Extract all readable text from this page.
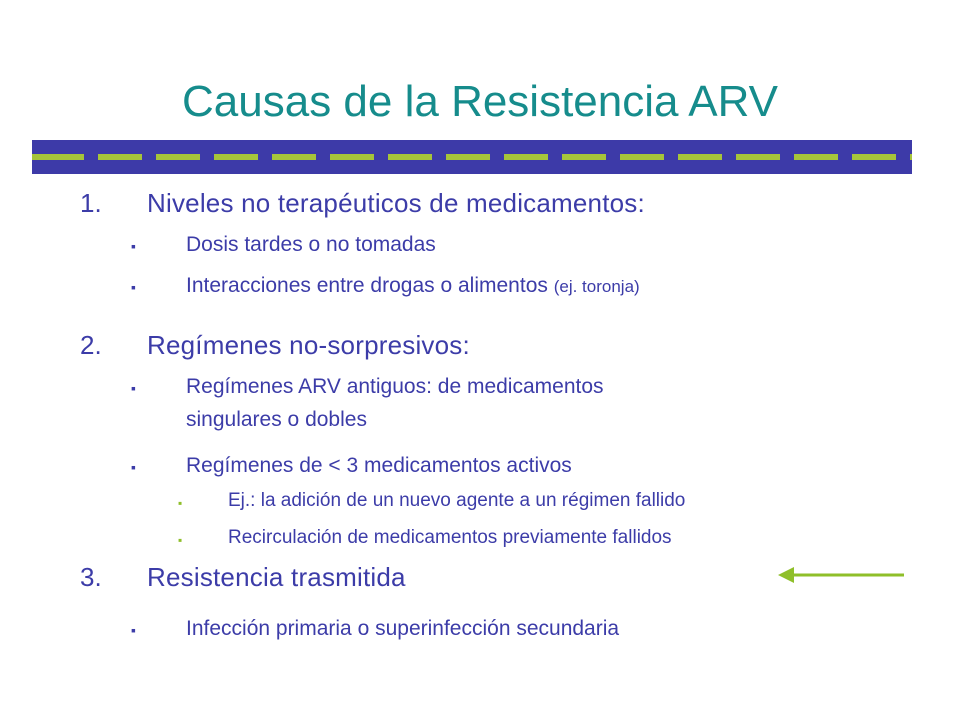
Causas de la Resistencia ARV
1. Niveles no terapéuticos de medicamentos:
▪ Dosis tardes o no tomadas
▪ Interacciones entre drogas o alimentos (ej. toronja)
2. Regímenes no-sorpresivos:
▪ Regímenes ARV antiguos: de medicamentos
singulares o dobles
▪ Regímenes de < 3 medicamentos activos
▪ Ej.: la adición de un nuevo agente a un régimen fallido
▪ Recirculación de medicamentos previamente fallidos
3. Resistencia trasmitida
▪ Infección primaria o superinfección secundaria
